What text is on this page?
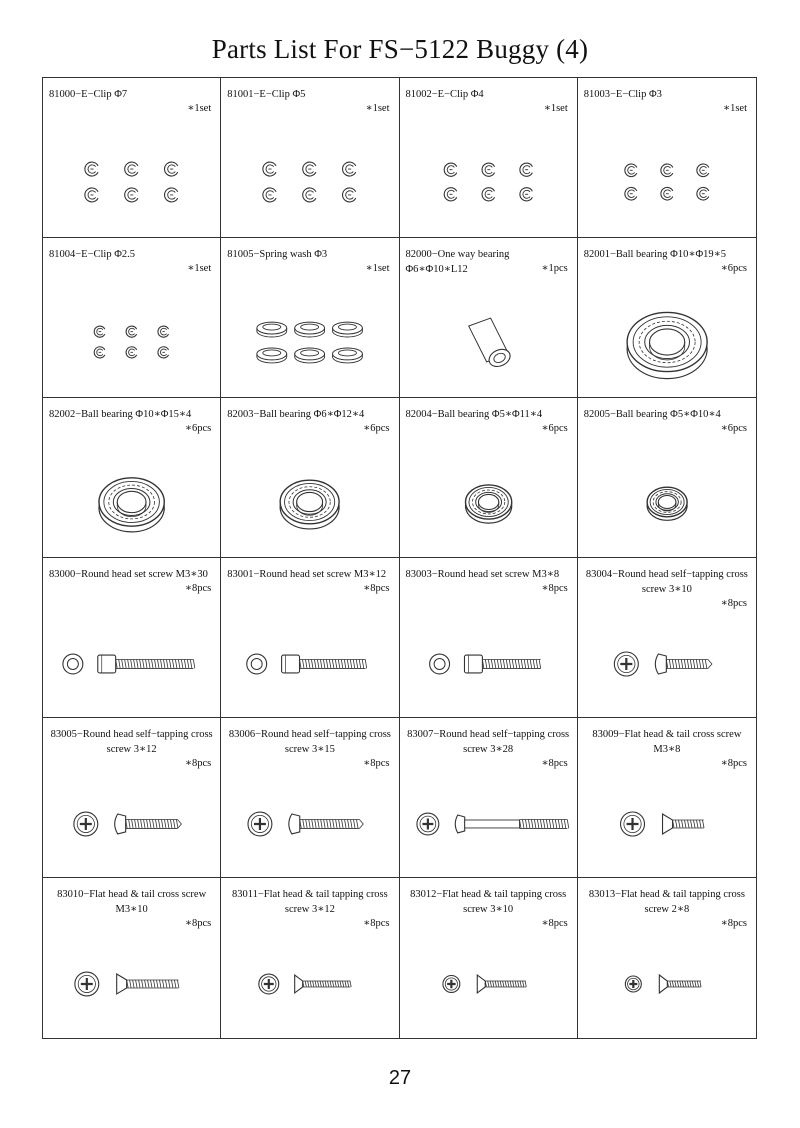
Parts List For FS−5122 Buggy (4)
81000−E−Clip Φ7
∗1set
81001−E−Clip Φ5
∗1set
81002−E−Clip Φ4
∗1set
81003−E−Clip Φ3
∗1set
81004−E−Clip Φ2.5
∗1set
81005−Spring wash Φ3
∗1set
82000−One way bearing Φ6∗Φ10∗L12	∗1pcs
82001−Ball bearing Φ10∗Φ19∗5
∗6pcs
82002−Ball bearing Φ10∗Φ15∗4
∗6pcs
82003−Ball bearing Φ6∗Φ12∗4
∗6pcs
82004−Ball bearing Φ5∗Φ11∗4
∗6pcs
82005−Ball bearing Φ5∗Φ10∗4
∗6pcs
83000−Round head set screw M3∗30
∗8pcs
83001−Round head set screw M3∗12
∗8pcs
83003−Round head set screw M3∗8
∗8pcs
83004−Round head self−tapping cross screw 3∗10
∗8pcs
83005−Round head self−tapping cross screw 3∗12
∗8pcs
83006−Round head self−tapping cross screw 3∗15
∗8pcs
83007−Round head self−tapping cross screw 3∗28
∗8pcs
83009−Flat head & tail cross screw M3∗8
∗8pcs
83010−Flat head & tail cross screw M3∗10
∗8pcs
83011−Flat head & tail tapping cross screw 3∗12
∗8pcs
83012−Flat head & tail tapping cross screw 3∗10
∗8pcs
83013−Flat head & tail tapping cross screw 2∗8
∗8pcs
27
